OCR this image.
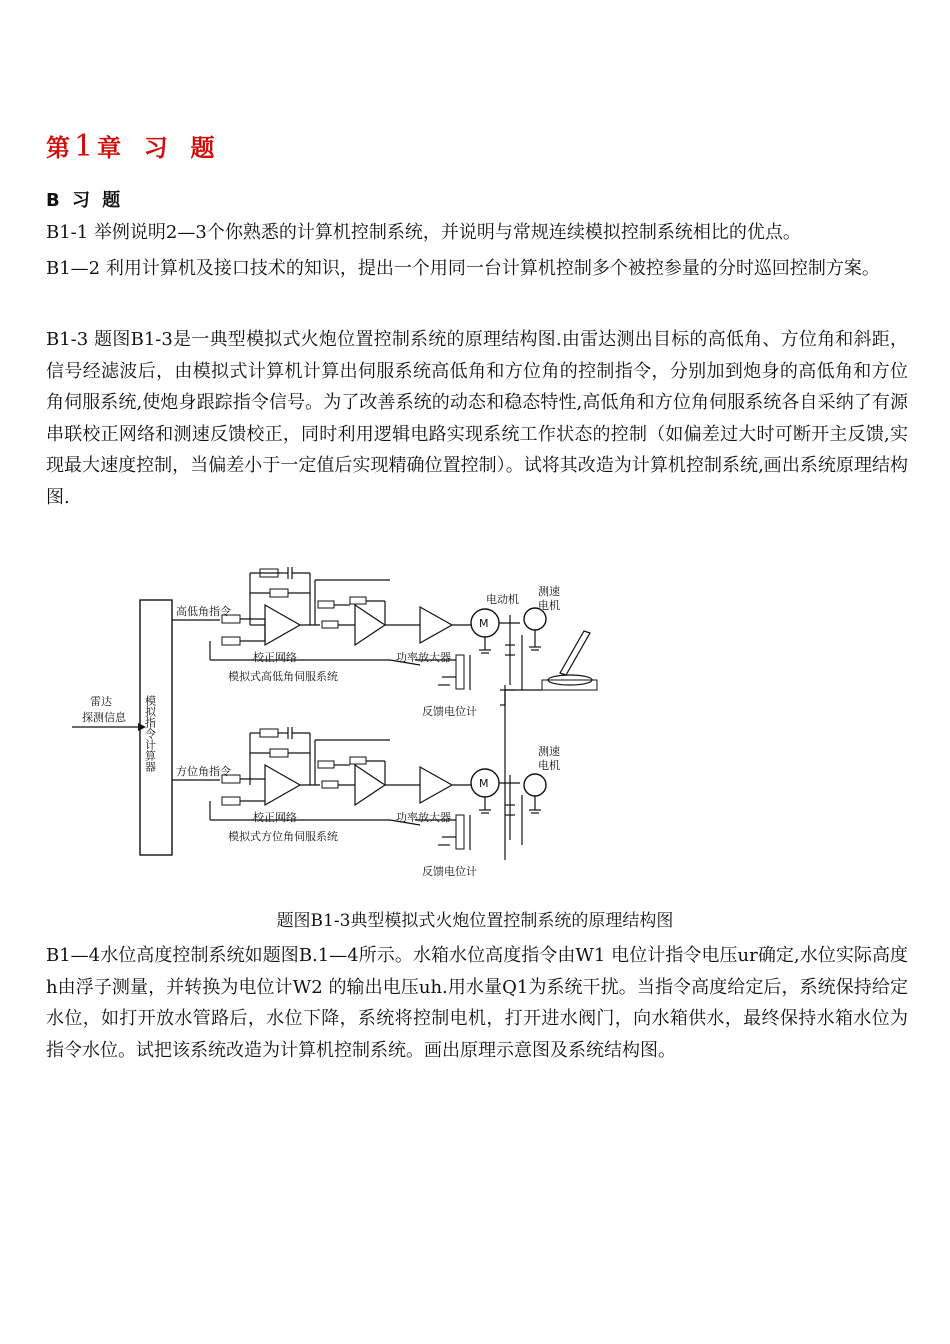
第1章  习  题
B 习 题

B1-1 举例说明2—3个你熟悉的计算机控制系统，并说明与常规连续模拟控制系统相比的优点。

B1—2 利用计算机及接口技术的知识，提出一个用同一台计算机控制多个被控参量的分时巡回控制方案。

B1-3 题图B1-3是一典型模拟式火炮位置控制系统的原理结构图.由雷达测出目标的高低角、方位角和斜距，信号经滤波后，由模拟式计算机计算出伺服系统高低角和方位角的控制指令，分别加到炮身的高低角和方位角伺服系统,使炮身跟踪指令信号。为了改善系统的动态和稳态特性,高低角和方位角伺服系统各自采纳了有源串联校正网络和测速反馈校正，同时利用逻辑电路实现系统工作状态的控制（如偏差过大时可断开主反馈,实现最大速度控制，当偏差小于一定值后实现精确位置控制）。试将其改造为计算机控制系统,画出系统原理结构图.

雷达
探测信息 模拟指令计算器
高低角指令
校正网络	功率放大器
M
电动机
测速
电机
模拟式高低角伺服系统
反馈电位计
方位角指令
校正网络	功率放大器
M
测速
电机
模拟式方位角伺服系统
反馈电位计
题图B1-3典型模拟式火炮位置控制系统的原理结构图

B1—4水位高度控制系统如题图B.1—4所示。水箱水位高度指令由W1 电位计指令电压ur确定,水位实际高度h由浮子测量，并转换为电位计W2 的输出电压uh.用水量Q1为系统干扰。当指令高度给定后，系统保持给定水位，如打开放水管路后，水位下降，系统将控制电机，打开进水阀门，向水箱供水，最终保持水箱水位为指令水位。试把该系统改造为计算机控制系统。画出原理示意图及系统结构图。
